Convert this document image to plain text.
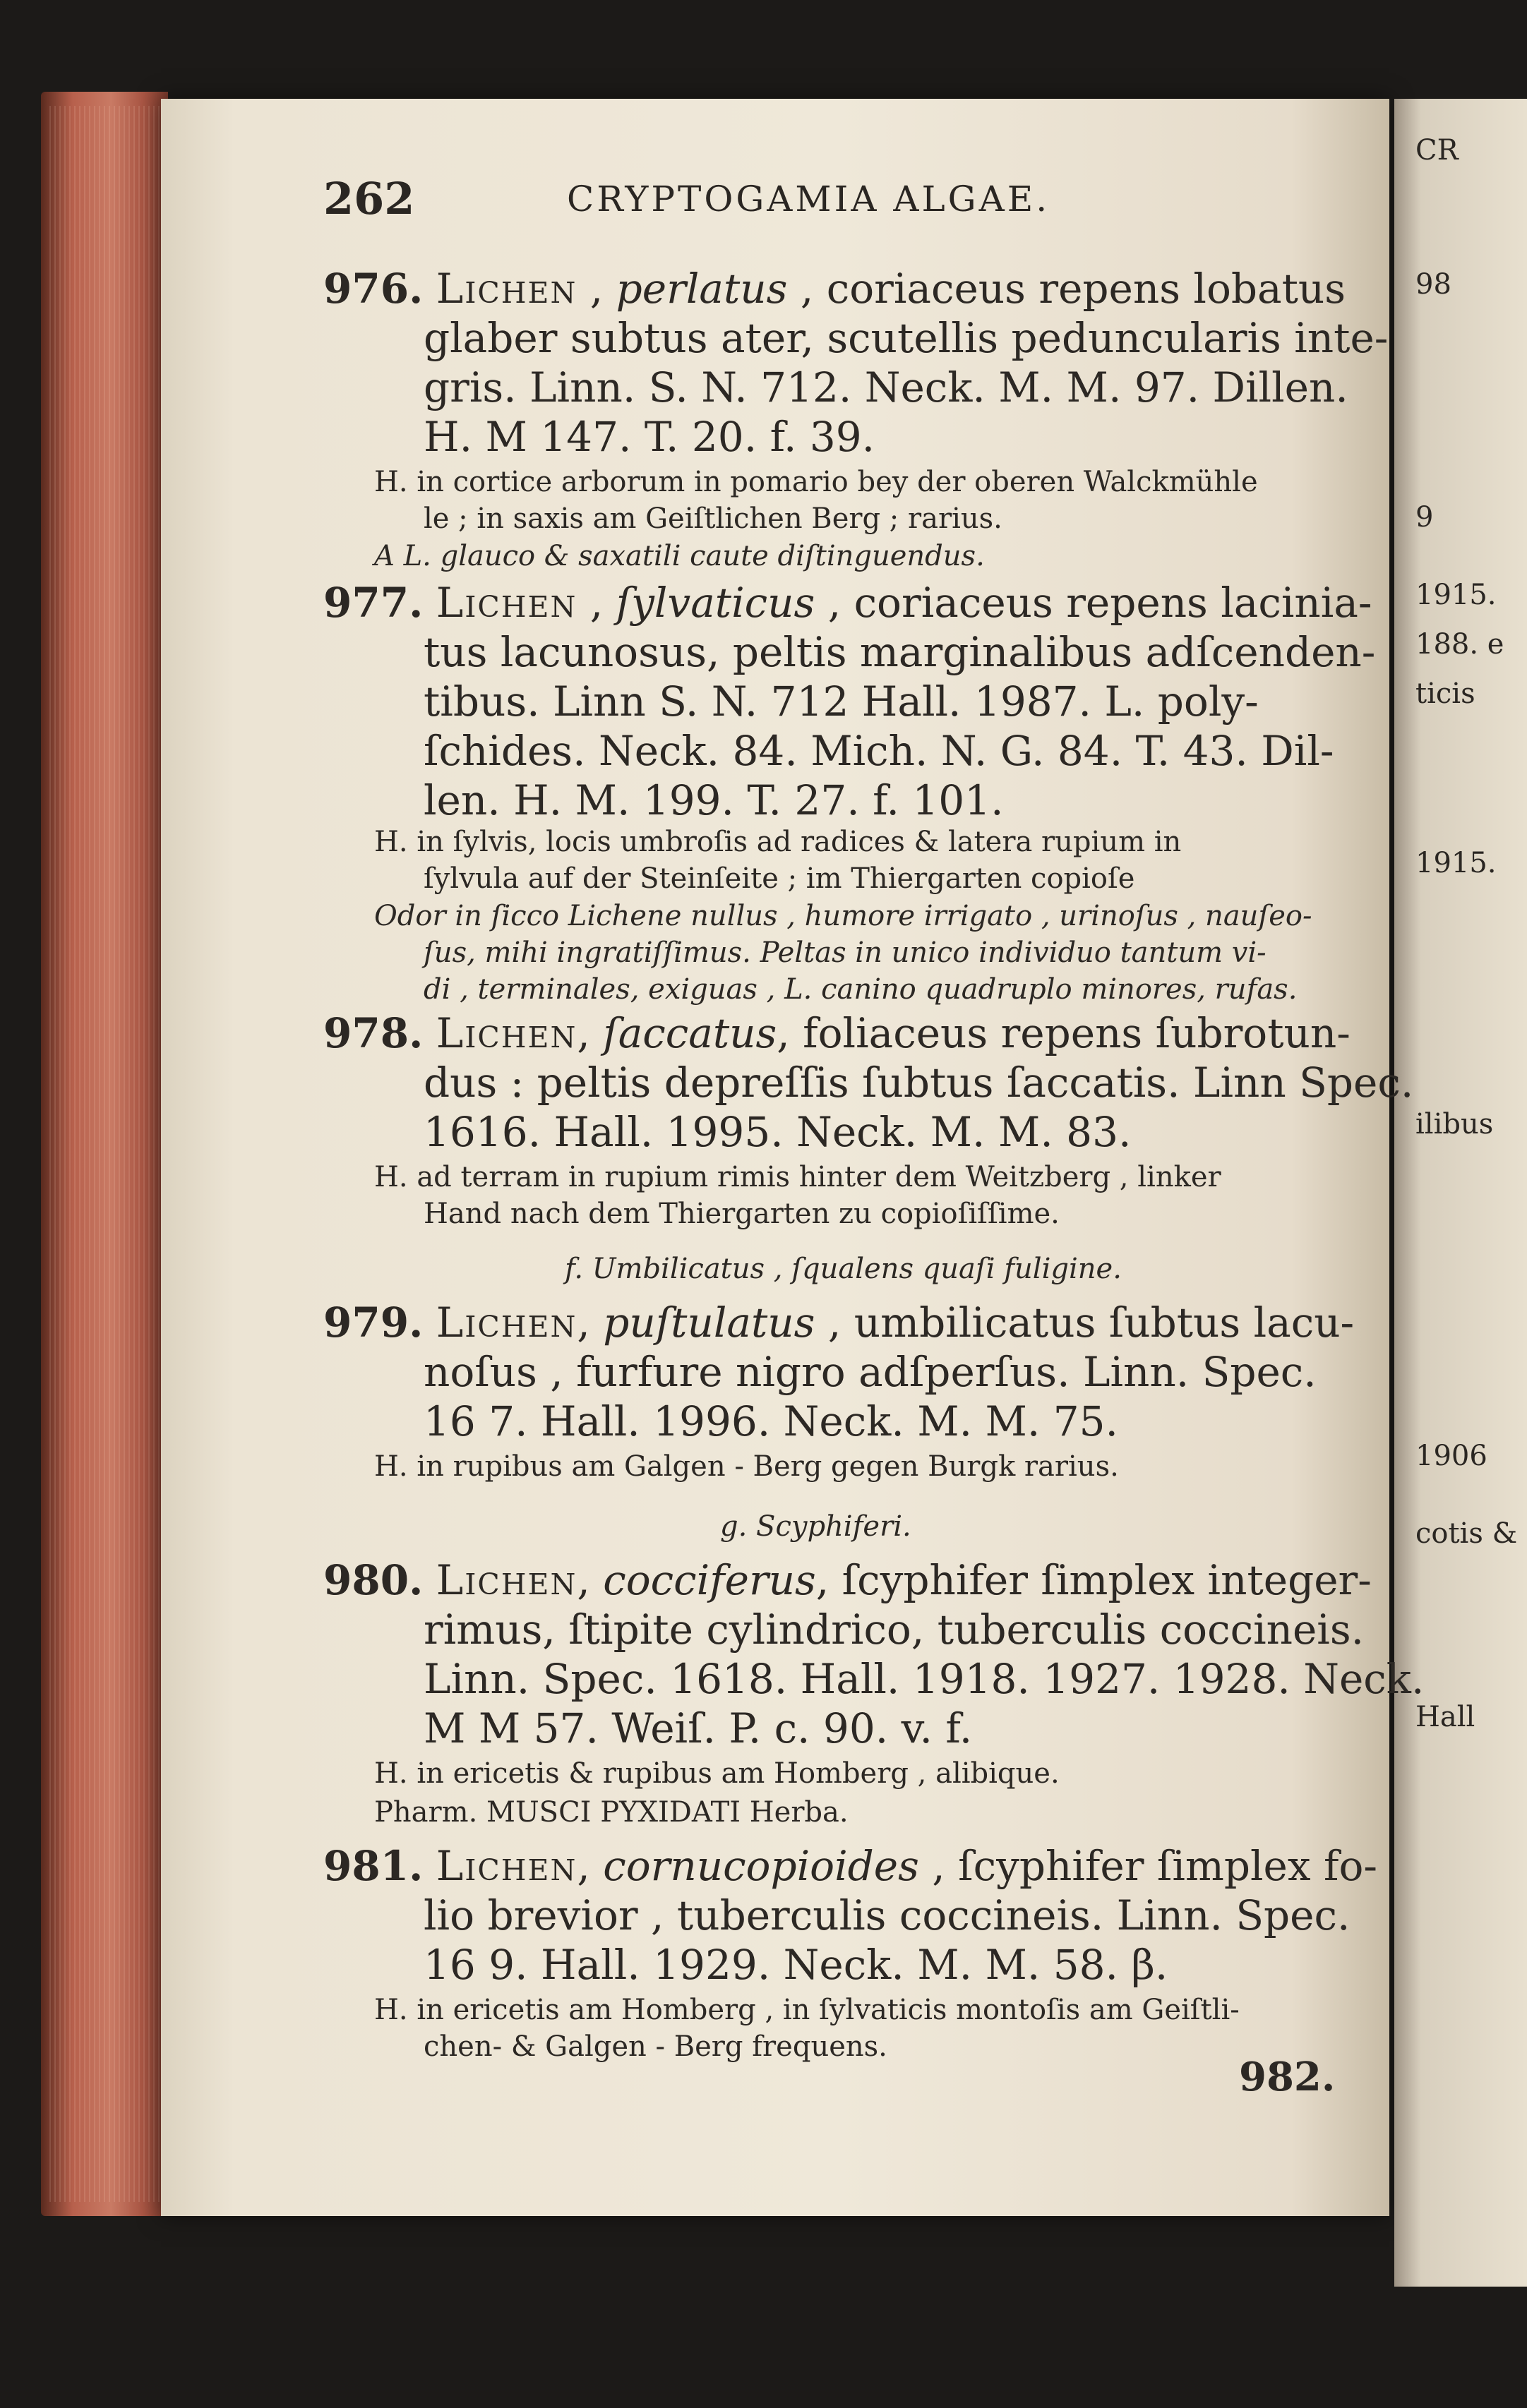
CR
98
9
1915.
188. e
ticis
1915.
ilibus
1906
Hall
cotis &
262	CRYPTOGAMIA ALGAE.
976. Lichen , perlatus , coriaceus repens lobatus
glaber subtus ater, scutellis peduncularis inte-
gris. Linn. S. N. 712. Neck. M. M. 97. Dillen.
H. M 147. T. 20. f. 39.
H. in cortice arborum in pomario bey der oberen Walckmühle
le ; in saxis am Geiſtlichen Berg ; rarius.
A L. glauco & saxatili caute diſtinguendus.
977. Lichen , ſylvaticus , coriaceus repens lacinia-
tus lacunosus, peltis marginalibus adſcenden-
tibus. Linn S. N. 712 Hall. 1987. L. poly-
ſchides. Neck. 84. Mich. N. G. 84. T. 43. Dil-
len. H. M. 199. T. 27. f. 101.
H. in ſylvis, locis umbroſis ad radices & latera rupium in
ſylvula auf der Steinſeite ; im Thiergarten copioſe
Odor in ſicco Lichene nullus , humore irrigato , urinoſus , nauſeo-
ſus, mihi ingratiſſimus. Peltas in unico individuo tantum vi-
di , terminales, exiguas , L. canino quadruplo minores, rufas.
978. Lichen, ſaccatus, foliaceus repens ſubrotun-
dus : peltis depreſſis ſubtus ſaccatis. Linn Spec.
1616. Hall. 1995. Neck. M. M. 83.
H. ad terram in rupium rimis hinter dem Weitzberg , linker
Hand nach dem Thiergarten zu copioſiſſime.
f. Umbilicatus , ſqualens quaſi fuligine.
979. Lichen, puſtulatus , umbilicatus ſubtus lacu-
noſus , furfure nigro adſperſus. Linn. Spec.
16 7. Hall. 1996. Neck. M. M. 75.
H. in rupibus am Galgen - Berg gegen Burgk rarius.
g. Scyphiferi.
980. Lichen, cocciferus, ſcyphifer ſimplex integer-
rimus, ſtipite cylindrico, tuberculis coccineis.
Linn. Spec. 1618. Hall. 1918. 1927. 1928. Neck.
M M 57. Weiſ. P. c. 90. v. f.
H. in ericetis & rupibus am Homberg , alibique.
Pharm. MUSCI PYXIDATI Herba.
981. Lichen, cornucopioides , ſcyphifer ſimplex fo-
lio brevior , tuberculis coccineis. Linn. Spec.
16 9. Hall. 1929. Neck. M. M. 58. β.
H. in ericetis am Homberg , in ſylvaticis montoſis am Geiſtli-
chen- & Galgen - Berg frequens.
982.
